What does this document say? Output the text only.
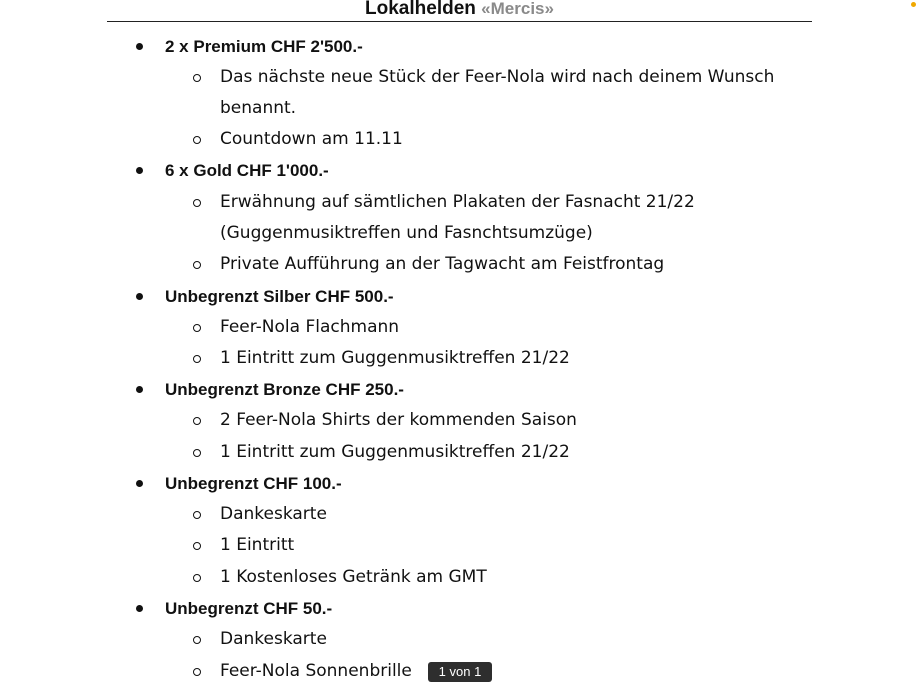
Lokalhelden «Mercis»
2 x Premium CHF 2'500.-
Das nächste neue Stück der Feer-Nola wird nach deinem Wunsch
benannt.
Countdown am 11.11
6 x Gold CHF 1'000.-
Erwähnung auf sämtlichen Plakaten der Fasnacht 21/22
(Guggenmusiktreffen und Fasnchtsumzüge)
Private Aufführung an der Tagwacht am Feistfrontag
Unbegrenzt Silber CHF 500.-
Feer-Nola Flachmann
1 Eintritt zum Guggenmusiktreffen 21/22
Unbegrenzt Bronze CHF 250.-
2 Feer-Nola Shirts der kommenden Saison
1 Eintritt zum Guggenmusiktreffen 21/22
Unbegrenzt CHF 100.-
Dankeskarte
1 Eintritt
1 Kostenloses Getränk am GMT
Unbegrenzt CHF 50.-
Dankeskarte
Feer-Nola Sonnenbrille	1 von 1
